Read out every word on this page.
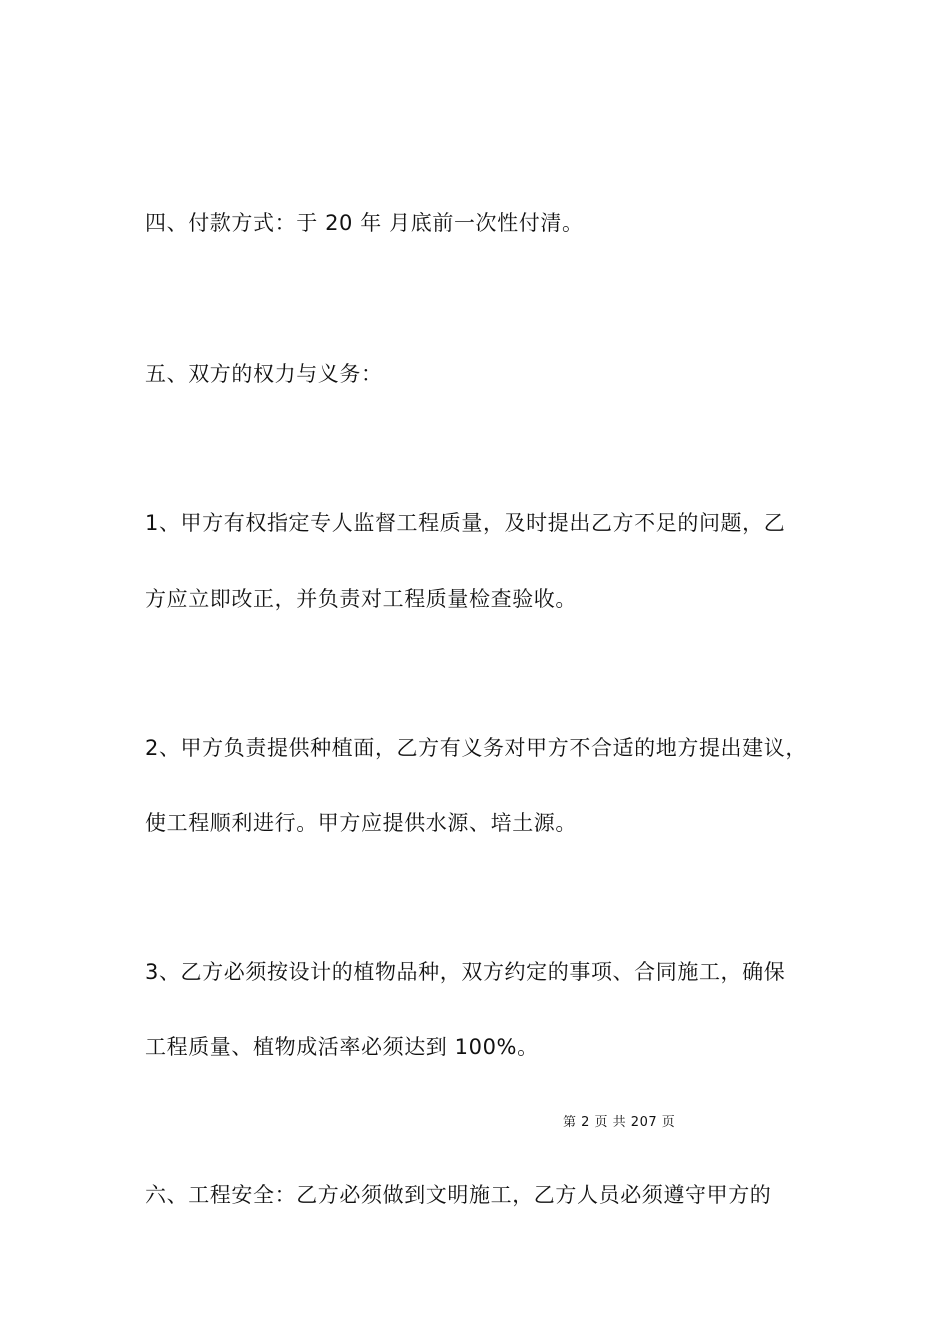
四、付款方式：于 20 年 月底前一次性付清。
五、双方的权力与义务：
1、甲方有权指定专人监督工程质量，及时提出乙方不足的问题，乙
方应立即改正，并负责对工程质量检查验收。
2、甲方负责提供种植面，乙方有义务对甲方不合适的地方提出建议，
使工程顺利进行。甲方应提供水源、培土源。
3、乙方必须按设计的植物品种，双方约定的事项、合同施工，确保
工程质量、植物成活率必须达到 100%。
第 2 页 共 207 页
六、工程安全：乙方必须做到文明施工，乙方人员必须遵守甲方的
